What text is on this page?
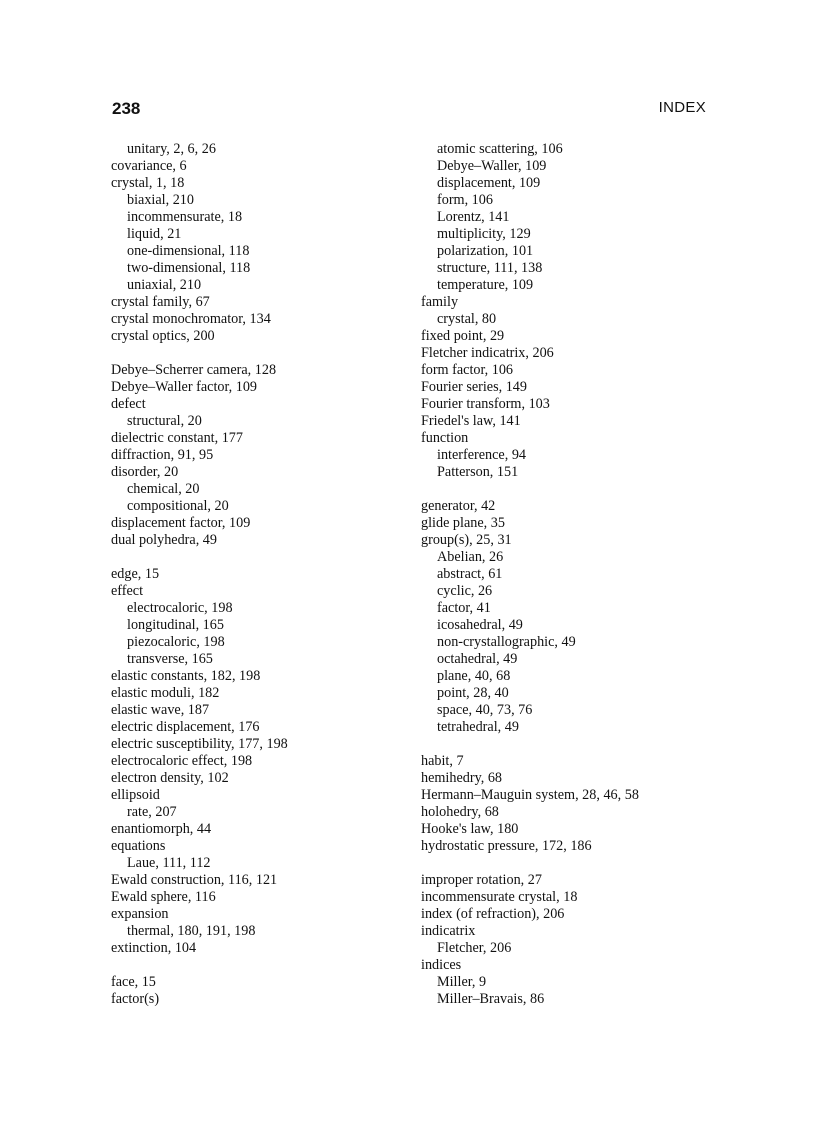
238	INDEX
unitary, 2, 6, 26
covariance, 6
crystal, 1, 18
biaxial, 210
incommensurate, 18
liquid, 21
one-dimensional, 118
two-dimensional, 118
uniaxial, 210
crystal family, 67
crystal monochromator, 134
crystal optics, 200
Debye–Scherrer camera, 128
Debye–Waller factor, 109
defect
structural, 20
dielectric constant, 177
diffraction, 91, 95
disorder, 20
chemical, 20
compositional, 20
displacement factor, 109
dual polyhedra, 49
edge, 15
effect
electrocaloric, 198
longitudinal, 165
piezocaloric, 198
transverse, 165
elastic constants, 182, 198
elastic moduli, 182
elastic wave, 187
electric displacement, 176
electric susceptibility, 177, 198
electrocaloric effect, 198
electron density, 102
ellipsoid
rate, 207
enantiomorph, 44
equations
Laue, 111, 112
Ewald construction, 116, 121
Ewald sphere, 116
expansion
thermal, 180, 191, 198
extinction, 104
face, 15
factor(s)
atomic scattering, 106
Debye–Waller, 109
displacement, 109
form, 106
Lorentz, 141
multiplicity, 129
polarization, 101
structure, 111, 138
temperature, 109
family
crystal, 80
fixed point, 29
Fletcher indicatrix, 206
form factor, 106
Fourier series, 149
Fourier transform, 103
Friedel's law, 141
function
interference, 94
Patterson, 151
generator, 42
glide plane, 35
group(s), 25, 31
Abelian, 26
abstract, 61
cyclic, 26
factor, 41
icosahedral, 49
non-crystallographic, 49
octahedral, 49
plane, 40, 68
point, 28, 40
space, 40, 73, 76
tetrahedral, 49
habit, 7
hemihedry, 68
Hermann–Mauguin system, 28, 46, 58
holohedry, 68
Hooke's law, 180
hydrostatic pressure, 172, 186
improper rotation, 27
incommensurate crystal, 18
index (of refraction), 206
indicatrix
Fletcher, 206
indices
Miller, 9
Miller–Bravais, 86
